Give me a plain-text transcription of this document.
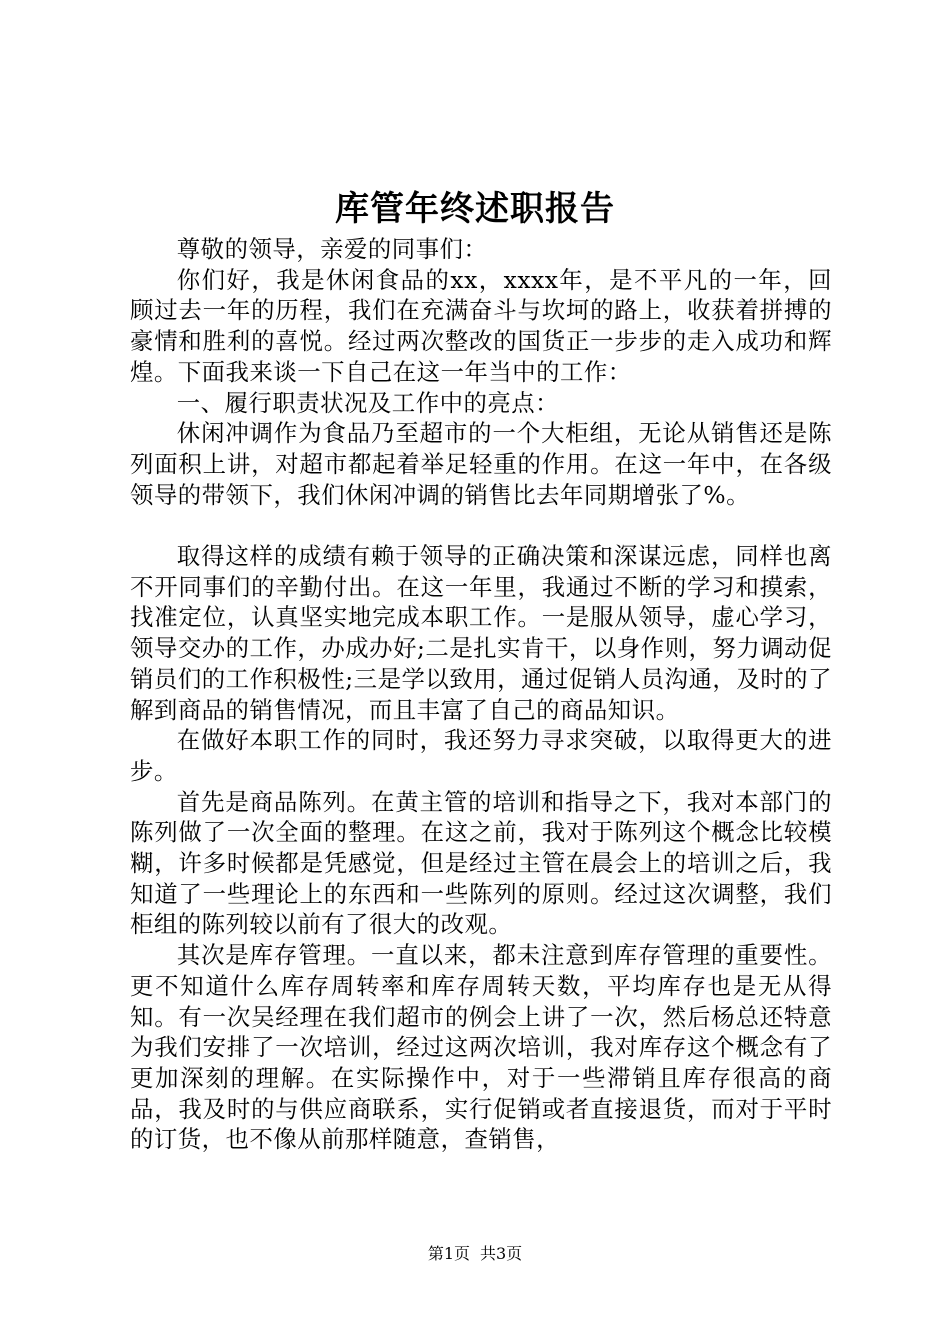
库管年终述职报告

尊敬的领导，亲爱的同事们：

你们好，我是休闲食品的xx，xxxx年，是不平凡的一年，回顾过去一年的历程，我们在充满奋斗与坎坷的路上，收获着拼搏的豪情和胜利的喜悦。经过两次整改的国货正一步步的走入成功和辉煌。下面我来谈一下自己在这一年当中的工作：

一、履行职责状况及工作中的亮点：

休闲冲调作为食品乃至超市的一个大柜组，无论从销售还是陈列面积上讲，对超市都起着举足轻重的作用。在这一年中，在各级领导的带领下，我们休闲冲调的销售比去年同期增张了%。

取得这样的成绩有赖于领导的正确决策和深谋远虑，同样也离不开同事们的辛勤付出。在这一年里，我通过不断的学习和摸索，找准定位，认真坚实地完成本职工作。一是服从领导，虚心学习，领导交办的工作，办成办好;二是扎实肯干，以身作则，努力调动促销员们的工作积极性;三是学以致用，通过促销人员沟通，及时的了解到商品的销售情况，而且丰富了自己的商品知识。

在做好本职工作的同时，我还努力寻求突破，以取得更大的进步。

首先是商品陈列。在黄主管的培训和指导之下，我对本部门的陈列做了一次全面的整理。在这之前，我对于陈列这个概念比较模糊，许多时候都是凭感觉，但是经过主管在晨会上的培训之后，我知道了一些理论上的东西和一些陈列的原则。经过这次调整，我们柜组的陈列较以前有了很大的改观。

其次是库存管理。一直以来，都未注意到库存管理的重要性。更不知道什么库存周转率和库存周转天数，平均库存也是无从得知。有一次吴经理在我们超市的例会上讲了一次，然后杨总还特意为我们安排了一次培训，经过这两次培训，我对库存这个概念有了更加深刻的理解。在实际操作中，对于一些滞销且库存很高的商品，我及时的与供应商联系，实行促销或者直接退货，而对于平时的订货，也不像从前那样随意，查销售，

第1页 共3页
